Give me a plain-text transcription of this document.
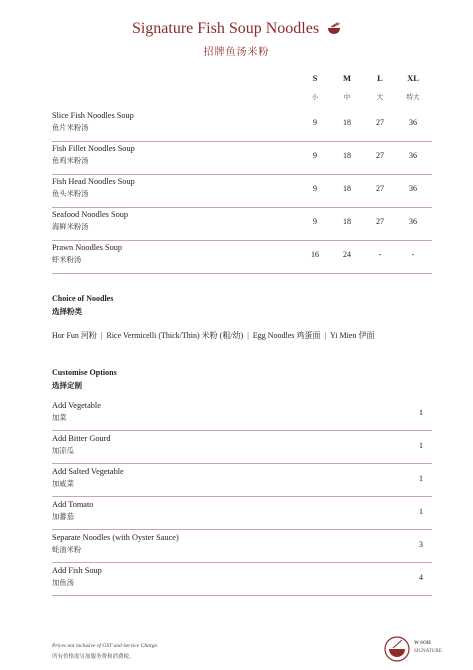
Signature Fish Soup Noodles
招牌鱼汤米粉
S	M	L	XL
小	中	大	特大
Slice Fish Noodles Soup
鱼片米粉汤
9	18	27	36
Fish Fillet Noodles Soup
鱼鸡米粉汤
9	18	27	36
Fish Head Noodles Soup
鱼头米粉汤
9	18	27	36
Seafood Noodles Soup
海鲜米粉汤
9	18	27	36
Prawn Noodles Soup
虾米粉汤
16	24	-	-
Choice of Noodles
选择粉类
Hor Fun 河粉 | Rice Vermicelli (Thick/Thin) 米粉 (粗/幼) | Egg Noodles 鸡蛋面 | Yi Mien 伊面
Customise Options
选择定制
Add Vegetable
加菜
1
Add Bitter Gourd
加凉瓜
1
Add Salted Vegetable
加咸菜
1
Add Tomato
加蕃茄
1
Separate Noodles (with Oyster Sauce)
蚝油米粉
3
Add Fish Soup
加鱼汤
4
Prices not inclusive of GST and Service Charge.
所有价格需另加服务费和消费税。
W SOH
SIGNATURE
